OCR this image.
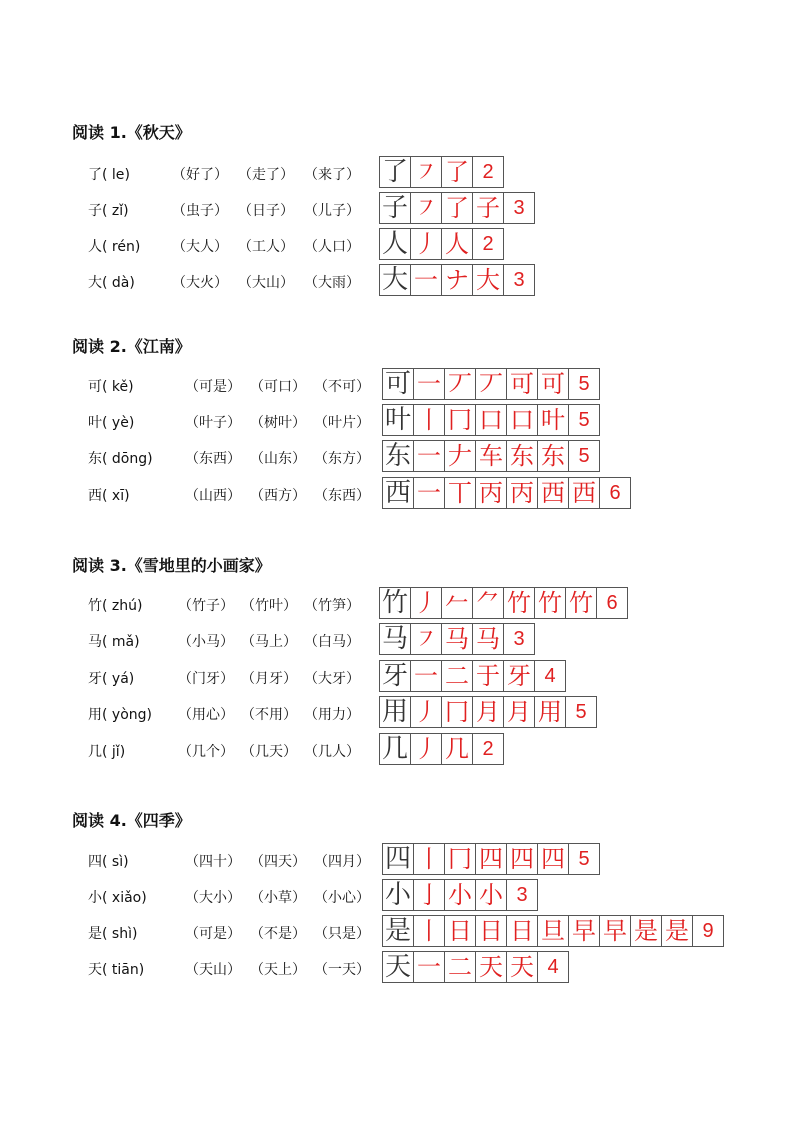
阅读 1.《秋天》
了( le)	（好了） （走了） （来了） 了 ㇇ 了 2
子( zǐ)	（虫子） （日子） （儿子） 子 ㇇ 了 子 3
人( rén) （大人） （工人） （人口） 人 丿 人 2
大( dà)	（大火） （大山） （大雨） 大 一 ナ 大 3
阅读 2.《江南》
可( kě)	（可是） （可口） （不可） 可 一 丆 丆 可 可 5
叶( yè)	（叶子） （树叶） （叶片） 叶 丨 冂 口 口 叶 5
东( dōng) （东西） （山东） （东方） 东 一 𠂇 车 东 东 5
西( xī)	（山西） （西方） （东西） 西 一 丅 丙 丙 西 西 6
阅读 3.《雪地里的小画家》
竹( zhú)	（竹子） （竹叶） （竹笋） 竹 丿 𠂉 ⺈ 竹 竹 竹 6
马( mǎ)	（小马） （马上） （白马） 马 ㇇ 马 马 3
牙( yá)	（门牙） （月牙） （大牙） 牙 一 二 于 牙 4
用( yòng) （用心） （不用） （用力） 用 丿 冂 月 月 用 5
几( jǐ)	（几个） （几天） （几人） 几 丿 几 2
阅读 4.《四季》
四( sì)	（四十） （四天） （四月） 四 丨 冂 四 四 四 5
小( xiǎo)	（大小） （小草） （小心） 小 亅 小 小 3
是( shì)	（可是） （不是） （只是） 是 丨 日 日 日 旦 早 早 是 是 9
天( tiān)	（天山） （天上） （一天） 天 一 二 天 天 4
